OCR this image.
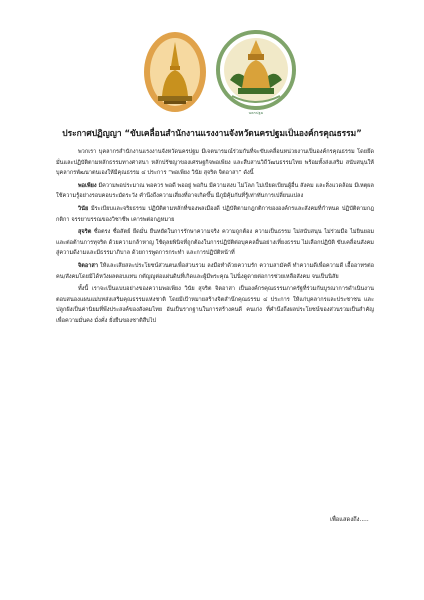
นครปฐม
ประกาศปฏิญญา “ขับเคลื่อนสำนักงานแรงงานจังหวัดนครปฐมเป็นองค์กรคุณธรรม”

พวกเรา บุคลากรสำนักงานแรงงานจังหวัดนครปฐม มีเจตนารมณ์ร่วมกันที่จะขับเคลื่อนหน่วยงานเป็นองค์กรคุณธรรม โดยยึดมั่นและปฏิบัติตามหลักธรรมทางศาสนา หลักปรัชญาของเศรษฐกิจพอเพียง และสืบสานวิถีวัฒนธรรมไทย พร้อมทั้งส่งเสริม สนับสนุนให้บุคลากรพัฒนาตนเองให้มีคุณธรรม ๔ ประการ “พอเพียง วินัย สุจริต จิตอาสา” ดังนี้

พอเพียง มีความพอประมาณ พอควร พอดี พออยู่ พอกิน มีความสงบ ไม่โลภ ไม่เบียดเบียนผู้อื่น สังคม และสิ่งแวดล้อม มีเหตุผล ใช้ความรู้อย่างรอบคอบระมัดระวัง คำนึงถึงความเสี่ยงที่อาจเกิดขึ้น มีภูมิคุ้มกันที่รู้เท่าทันการเปลี่ยนแปลง

วินัย มีระเบียบและจริยธรรม ปฏิบัติตามหลักที่ของพลเมืองดี ปฏิบัติตามกฎกติกาขององค์กรและสังคมที่กำหนด ปฏิบัติตามกฎกติกา จรรยาบรรณของวิชาชีพ เคารพต่อกฎหมาย

สุจริต ซื่อตรง ซื่อสัตย์ ยึดมั่น ยืนหยัดในการรักษาความจริง ความถูกต้อง ความเป็นธรรม ไม่สนับสนุน ไม่ร่วมมือ ไม่ยินยอมและต่อต้านการทุจริต ด้วยความกล้าหาญ ใช้ดุลยพินิจที่ถูกต้องในการปฏิบัติต่อบุคคลอื่นอย่างเที่ยงธรรม ไม่เลือกปฏิบัติ ขับเคลื่อนสังคมสู่ความดีงามและมีธรรมาภิบาล ด้วยการพูดการกระทำ และการปฏิบัติหน้าที่

จิตอาสา ให้และเสียสละประโยชน์ส่วนตนเพื่อส่วนรวม ลงมือทำด้วยความรัก ความสามัคคี ทำความดีเพื่อความดี เอื้ออาทรต่อคน/สังคมโดยมิได้หวังผลตอบแทน กตัญญูต่อแผ่นดินที่เกิดและผู้มีพระคุณ ไม่นิ่งดูดายต่อการช่วยเหลือสังคม จนเป็นนิสัย

ทั้งนี้ เราจะเป็นแบบอย่างของความพอเพียง วินัย สุจริต จิตอาสา เป็นองค์กรคุณธรรมภาครัฐที่ร่วมกันบูรณาการดำเนินงานตอบสนองแผนแม่บทส่งเสริมคุณธรรมแห่งชาติ โดยมีเป้าหมายสร้างจิตสำนึกคุณธรรม ๔ ประการ ให้แก่บุคลากรและประชาชน และปลูกฝังเป็นค่านิยมที่พึงประสงค์ของสังคมไทย อันเป็นรากฐานในการสร้างคนดี คนเก่ง ที่คำนึงถึงผลประโยชน์ของส่วนรวมเป็นสำคัญ เพื่อความมั่นคง มั่งคั่ง ยั่งยืนของชาติสืบไป

เพื่อแสดงถึง.....
